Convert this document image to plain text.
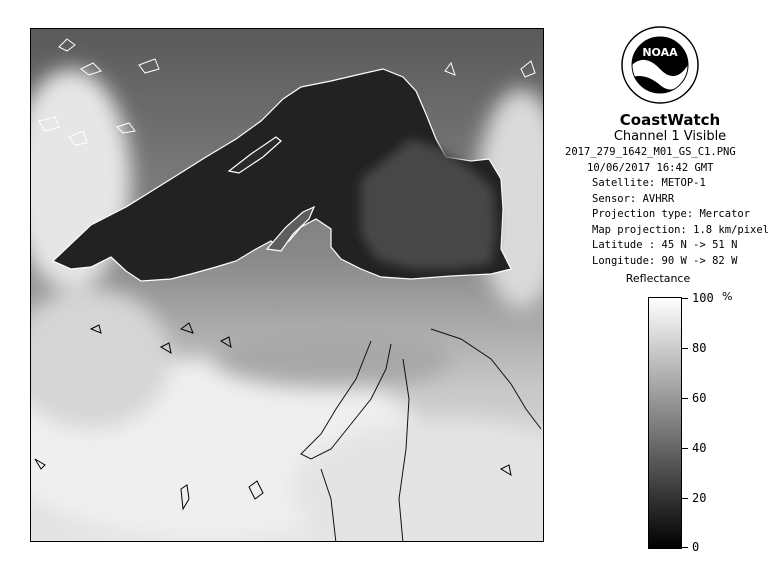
NOAA
CoastWatch
Channel 1 Visible
2017_279_1642_M01_GS_C1.PNG
10/06/2017 16:42 GMT
Satellite: METOP-1
Sensor: AVHRR
Projection type: Mercator
Map projection: 1.8 km/pixel
Latitude : 45 N -> 51 N
Longitude: 90 W -> 82 W
Reflectance
%
100
80
60
40
20
0
